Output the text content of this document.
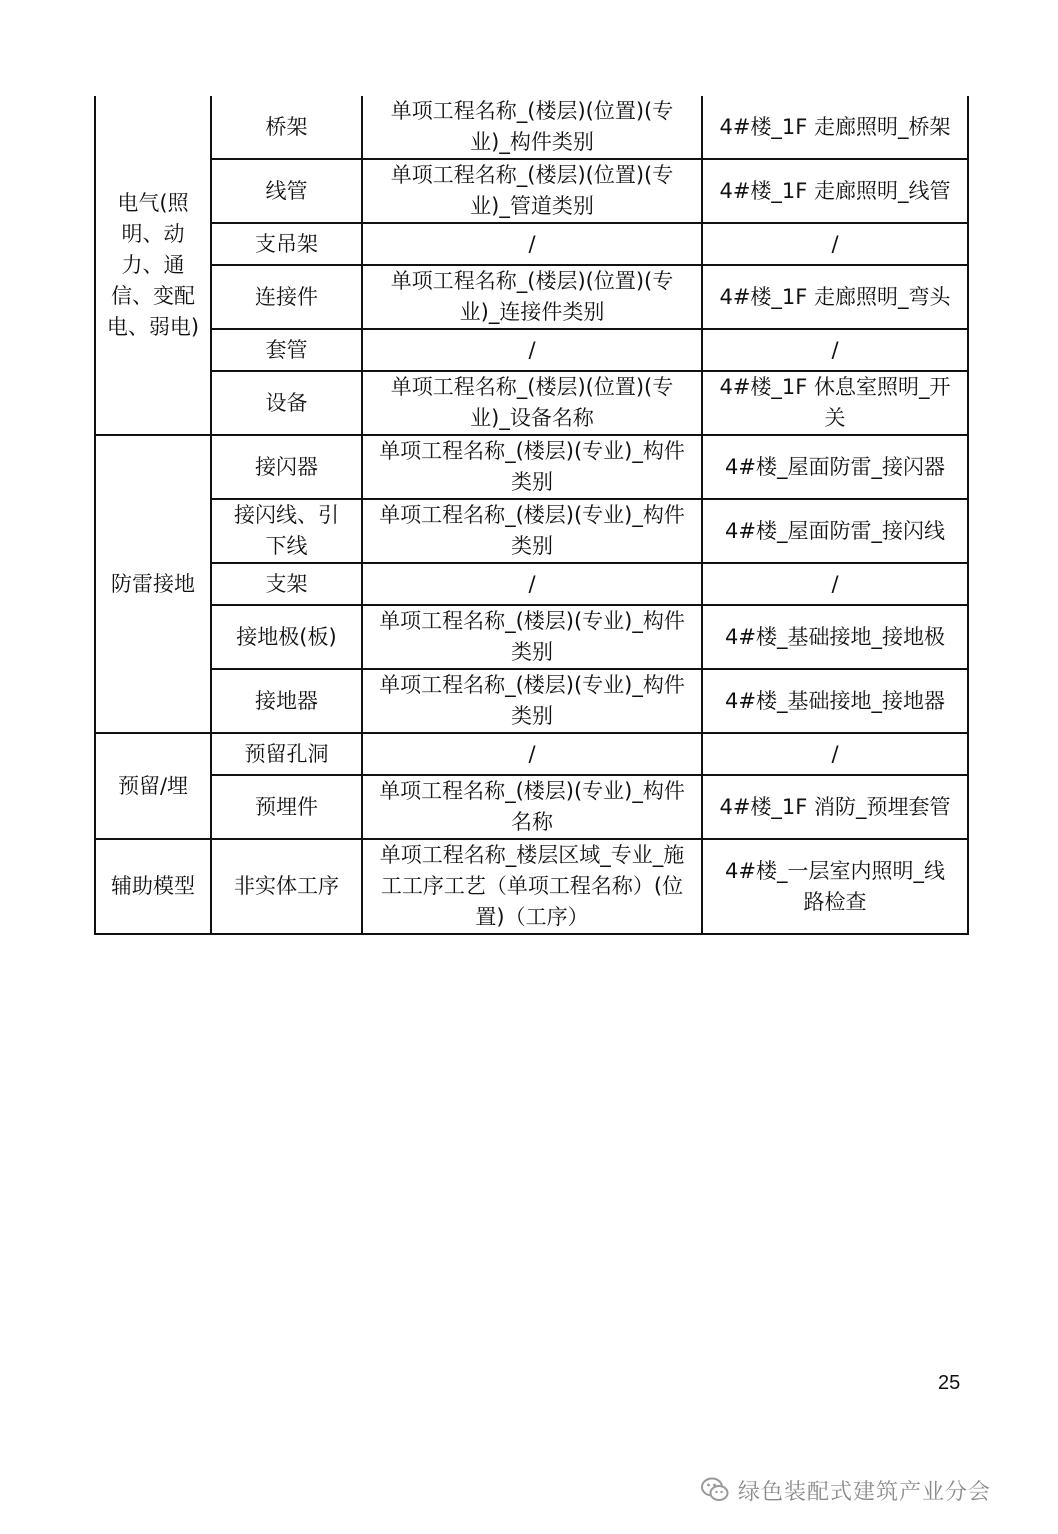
电气(照明、动力、通信、变配电、弱电)	桥架	单项工程名称_(楼层)(位置)(专业)_构件类别	4#楼_1F 走廊照明_桥架
	线管	单项工程名称_(楼层)(位置)(专业)_管道类别	4#楼_1F 走廊照明_线管
	支吊架	/	/
	连接件	单项工程名称_(楼层)(位置)(专业)_连接件类别	4#楼_1F 走廊照明_弯头
	套管	/	/
	设备	单项工程名称_(楼层)(位置)(专业)_设备名称	4#楼_1F 休息室照明_开关
防雷接地	接闪器	单项工程名称_(楼层)(专业)_构件类别	4#楼_屋面防雷_接闪器
	接闪线、引下线	单项工程名称_(楼层)(专业)_构件类别	4#楼_屋面防雷_接闪线
	支架	/	/
	接地极(板)	单项工程名称_(楼层)(专业)_构件类别	4#楼_基础接地_接地极
	接地器	单项工程名称_(楼层)(专业)_构件类别	4#楼_基础接地_接地器
预留/埋	预留孔洞	/	/
	预埋件	单项工程名称_(楼层)(专业)_构件名称	4#楼_1F 消防_预埋套管
辅助模型	非实体工序	单项工程名称_楼层区域_专业_施工工序工艺（单项工程名称）(位置)（工序）	4#楼_一层室内照明_线路检查
25
绿色装配式建筑产业分会
